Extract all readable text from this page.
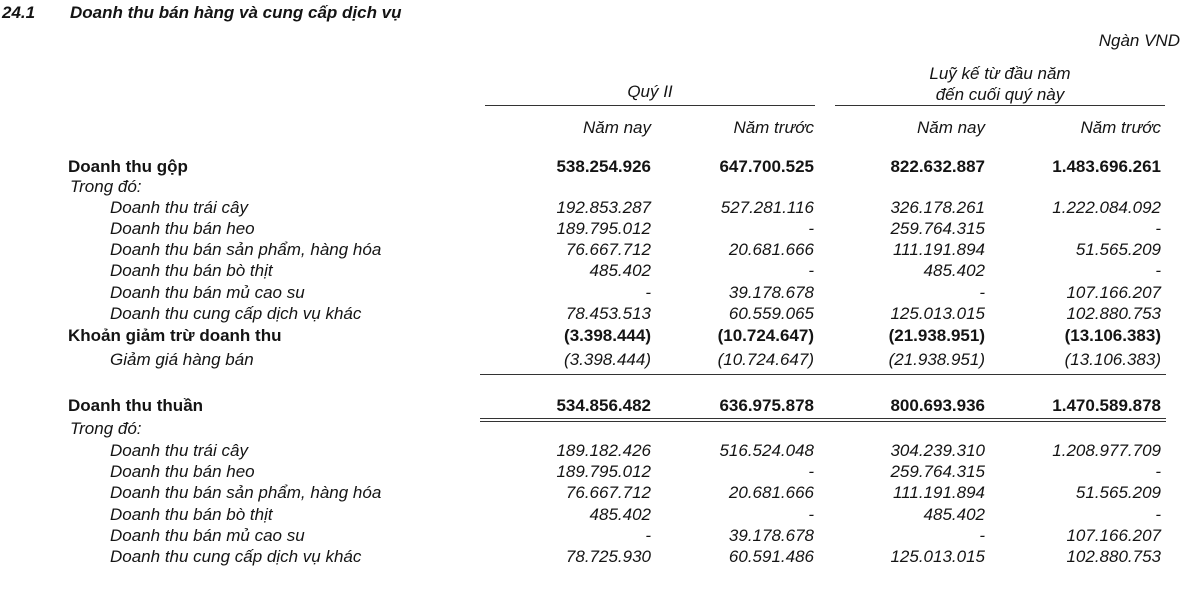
24.1 Doanh thu bán hàng và cung cấp dịch vụ
Ngàn VND
Quý II
Luỹ kế từ đầu năm
đến cuối quý này
Năm nay	Năm trước	Năm nay	Năm trước
Doanh thu gộp	538.254.926	647.700.525	822.632.887	1.483.696.261
Trong đó:
Doanh thu trái cây	192.853.287	527.281.116	326.178.261	1.222.084.092
Doanh thu bán heo	189.795.012	-	259.764.315	-
Doanh thu bán sản phẩm, hàng hóa	76.667.712	20.681.666	111.191.894	51.565.209
Doanh thu bán bò thịt	485.402	-	485.402	-
Doanh thu bán mủ cao su	-	39.178.678	-	107.166.207
Doanh thu cung cấp dịch vụ khác	78.453.513	60.559.065	125.013.015	102.880.753
Khoản giảm trừ doanh thu	(3.398.444)	(10.724.647)	(21.938.951)	(13.106.383)
Giảm giá hàng bán	(3.398.444)	(10.724.647)	(21.938.951)	(13.106.383)
Doanh thu thuần	534.856.482	636.975.878	800.693.936	1.470.589.878
Trong đó:
Doanh thu trái cây	189.182.426	516.524.048	304.239.310	1.208.977.709
Doanh thu bán heo	189.795.012	-	259.764.315	-
Doanh thu bán sản phẩm, hàng hóa	76.667.712	20.681.666	111.191.894	51.565.209
Doanh thu bán bò thịt	485.402	-	485.402	-
Doanh thu bán mủ cao su	-	39.178.678	-	107.166.207
Doanh thu cung cấp dịch vụ khác	78.725.930	60.591.486	125.013.015	102.880.753
